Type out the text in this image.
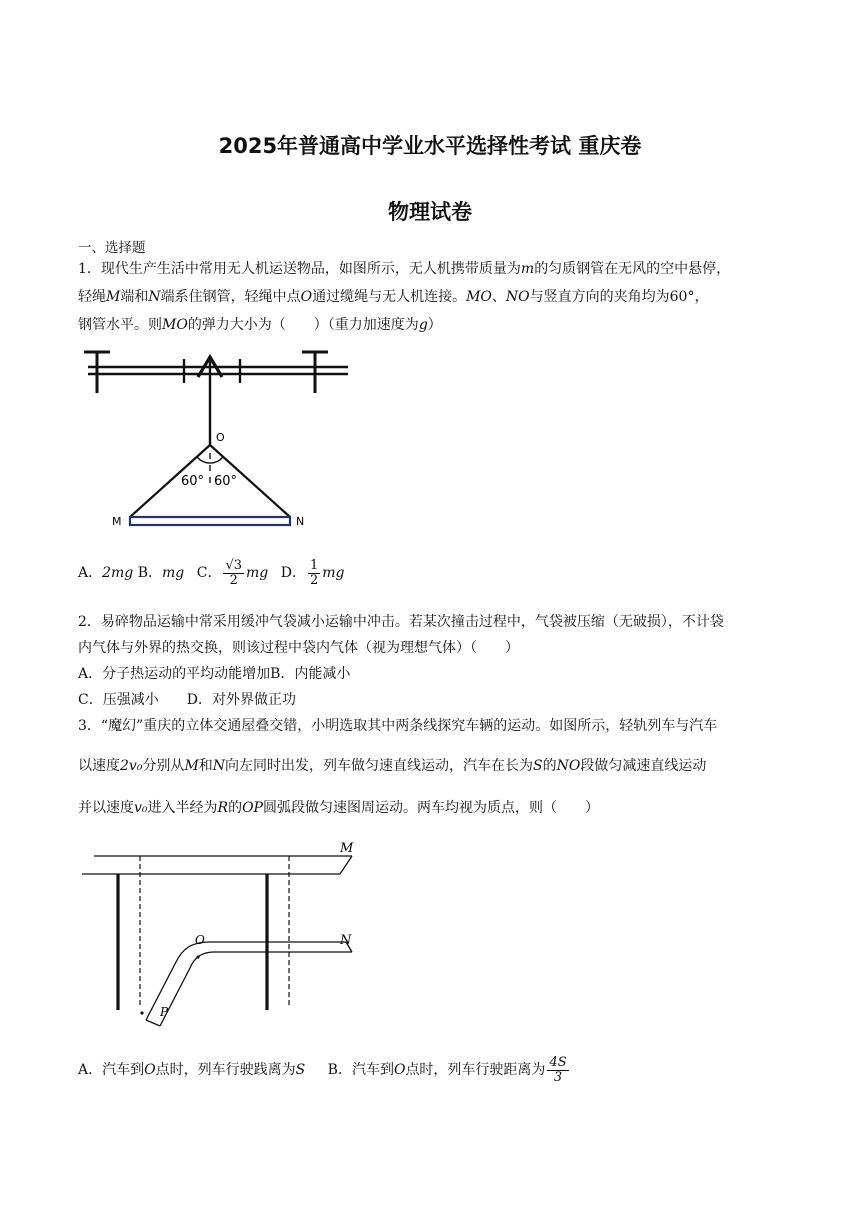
2025年普通高中学业水平选择性考试 重庆卷
物理试卷
一、选择题
1．现代生产生活中常用无人机运送物品，如图所示，无人机携带质量为m的匀质钢管在无风的空中悬停，
轻绳M端和N端系住钢管，轻绳中点O通过缆绳与无人机连接。MO、NO与竖直方向的夹角均为60°，
钢管水平。则MO的弹力大小为（　　）（重力加速度为g）
O
60° 60°
M	N
A．2mg B．mg C． $\frac{√3}{2}$ mg D． $\frac{1}{2}$ mg
2．易碎物品运输中常采用缓冲气袋减小运输中冲击。若某次撞击过程中，气袋被压缩（无破损），不计袋
内气体与外界的热交换，则该过程中袋内气体（视为理想气体）（　　）
A．分子热运动的平均动能增加B．内能减小
C．压强减小 D．对外界做正功
3．“魔幻”重庆的立体交通屋叠交错，小明选取其中两条线探究车辆的运动。如图所示，轻轨列车与汽车
以速度2v₀分别从M和N向左同时出发，列车做匀速直线运动，汽车在长为S的NO段做匀减速直线运动
并以速度v₀进入半经为R的OP圆弧段做匀速图周运动。两车均视为质点，则（　　）
M
N
O
P
A．汽车到O点时，列车行驶践离为S B．汽车到O点时，列车行驶距离为 $\frac{4S}{3}$
